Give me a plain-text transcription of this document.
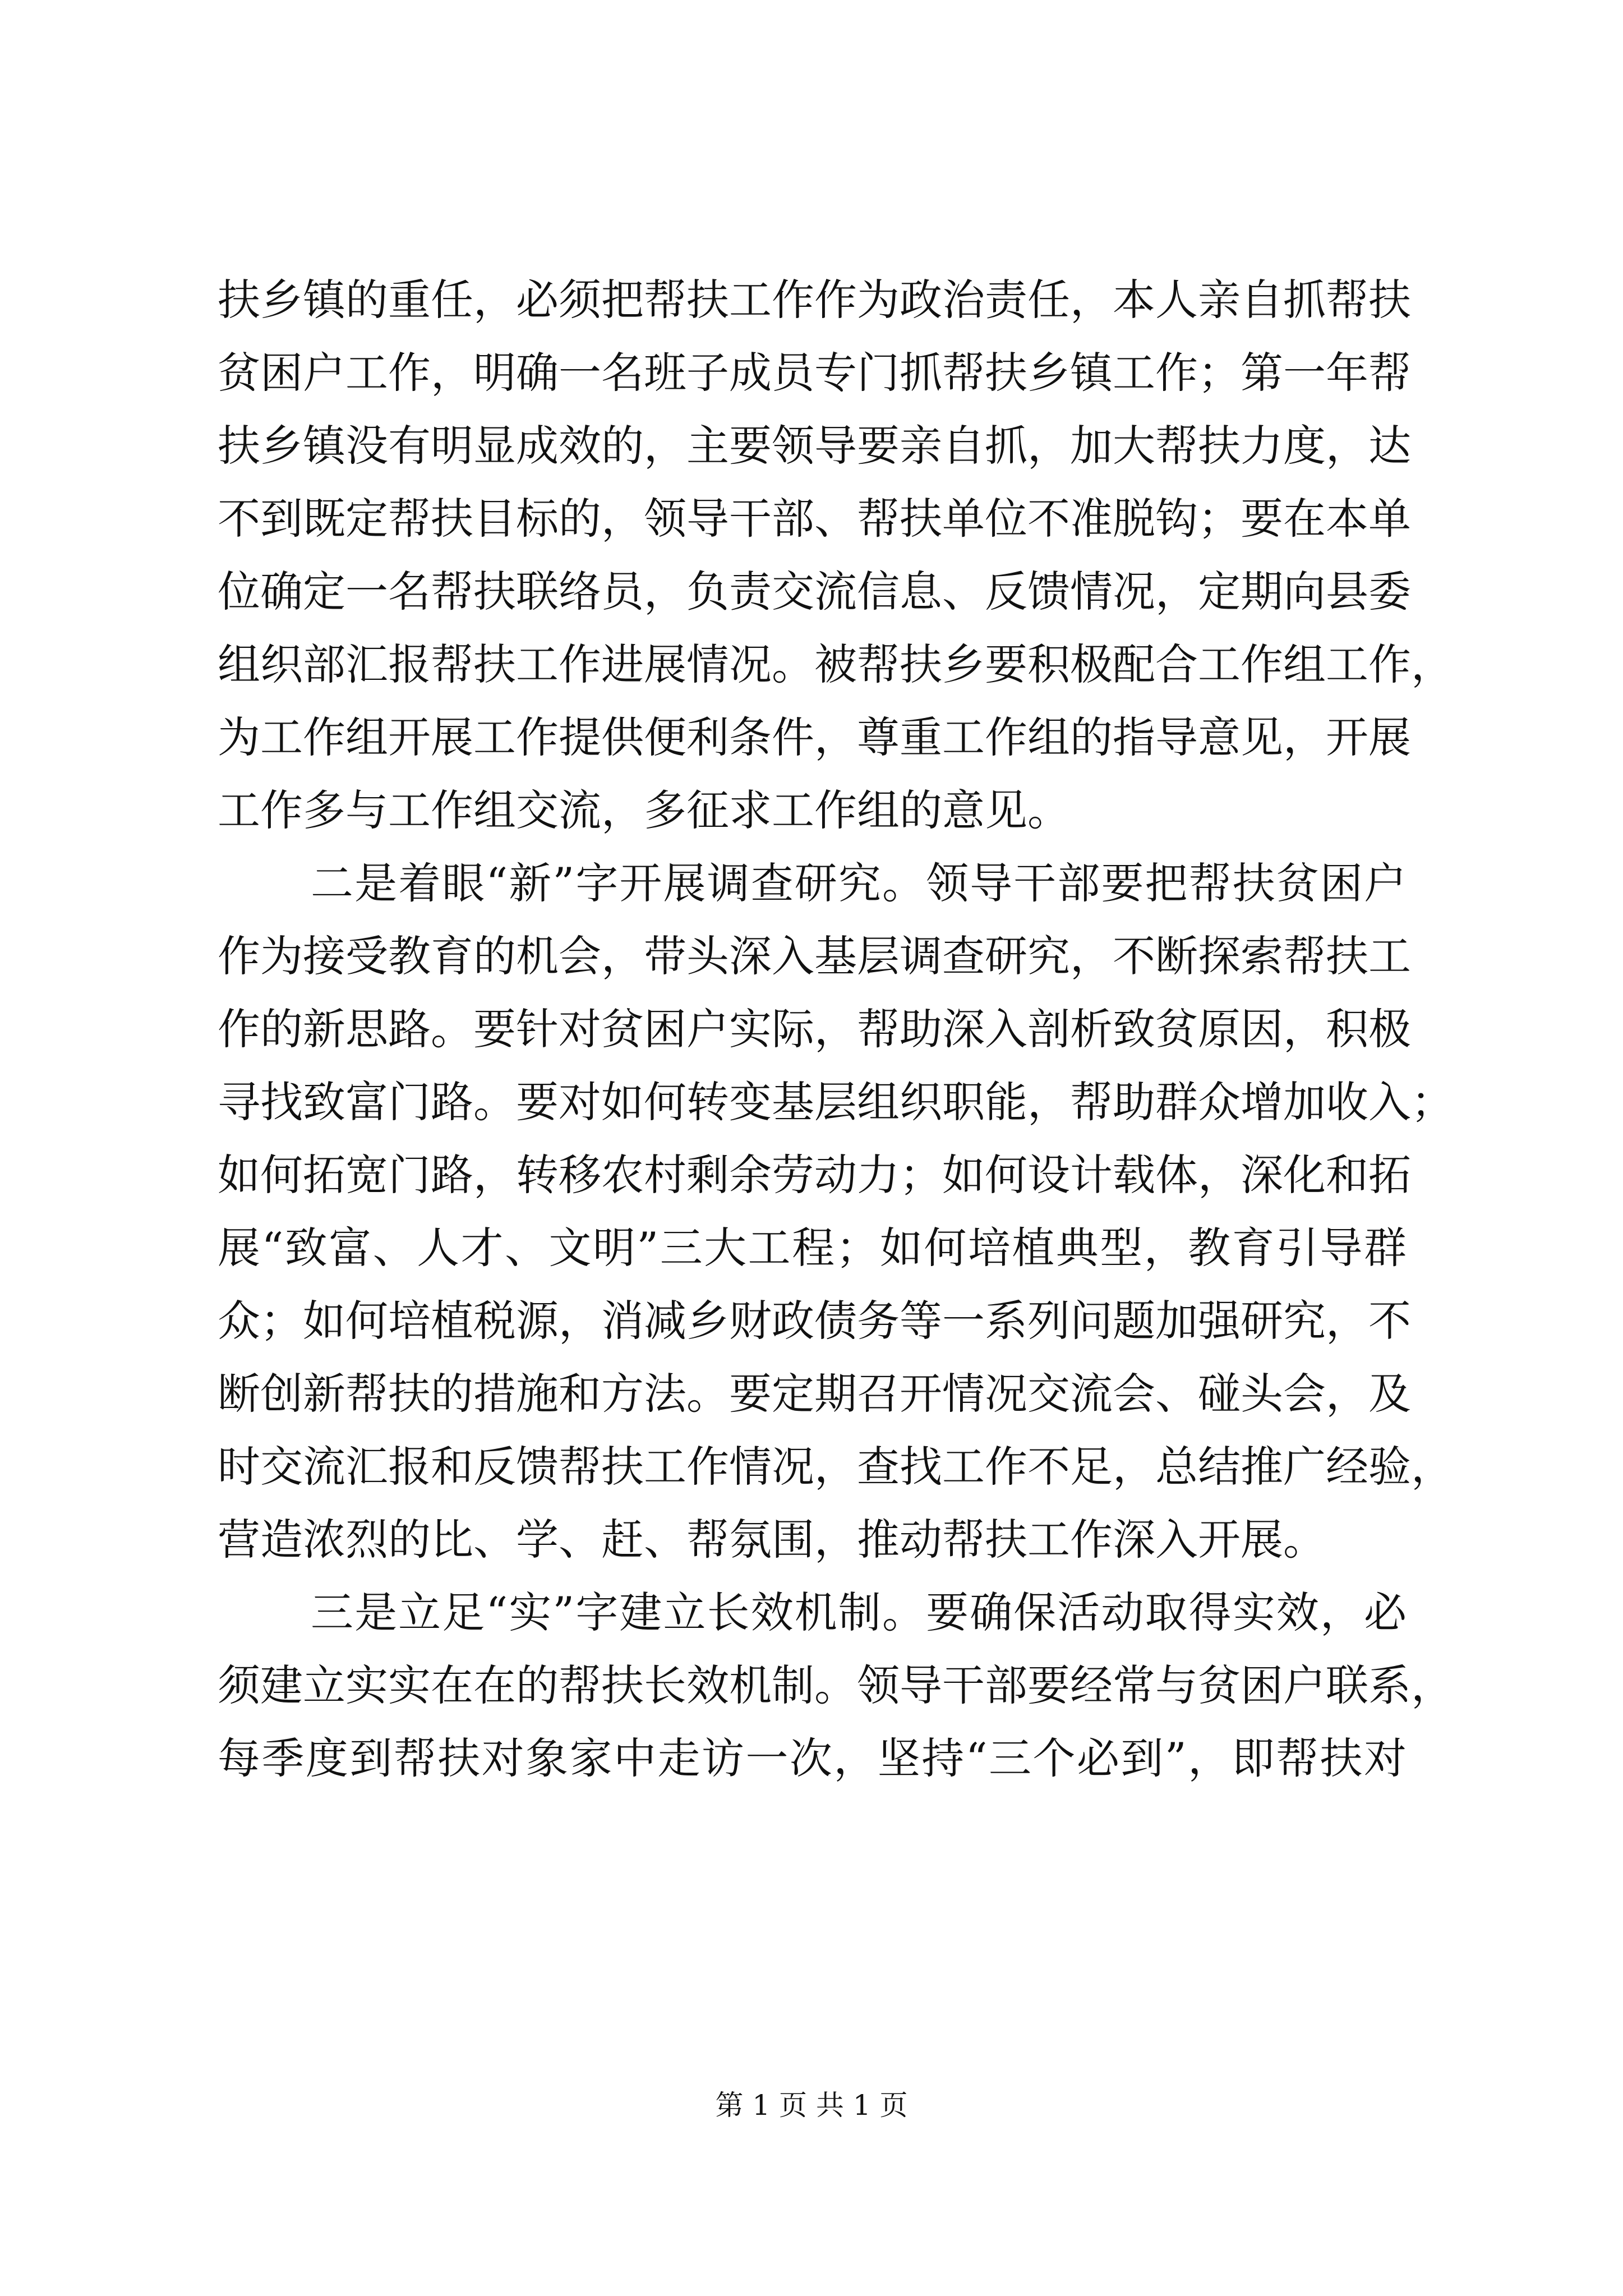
扶乡镇的重任，必须把帮扶工作作为政治责任，本人亲自抓帮扶
贫困户工作，明确一名班子成员专门抓帮扶乡镇工作；第一年帮
扶乡镇没有明显成效的，主要领导要亲自抓，加大帮扶力度，达
不到既定帮扶目标的，领导干部、帮扶单位不准脱钩；要在本单
位确定一名帮扶联络员，负责交流信息、反馈情况，定期向县委
组织部汇报帮扶工作进展情况。被帮扶乡要积极配合工作组工作，
为工作组开展工作提供便利条件，尊重工作组的指导意见，开展
工作多与工作组交流，多征求工作组的意见。
二是着眼“新”字开展调查研究。领导干部要把帮扶贫困户
作为接受教育的机会，带头深入基层调查研究，不断探索帮扶工
作的新思路。要针对贫困户实际，帮助深入剖析致贫原因，积极
寻找致富门路。要对如何转变基层组织职能，帮助群众增加收入；
如何拓宽门路，转移农村剩余劳动力；如何设计载体，深化和拓
展“致富、人才、文明”三大工程；如何培植典型，教育引导群
众；如何培植税源，消减乡财政债务等一系列问题加强研究，不
断创新帮扶的措施和方法。要定期召开情况交流会、碰头会，及
时交流汇报和反馈帮扶工作情况，查找工作不足，总结推广经验，
营造浓烈的比、学、赶、帮氛围，推动帮扶工作深入开展。
三是立足“实”字建立长效机制。要确保活动取得实效，必
须建立实实在在的帮扶长效机制。领导干部要经常与贫困户联系，
每季度到帮扶对象家中走访一次，坚持“三个必到”，即帮扶对
第 1 页 共 1 页
